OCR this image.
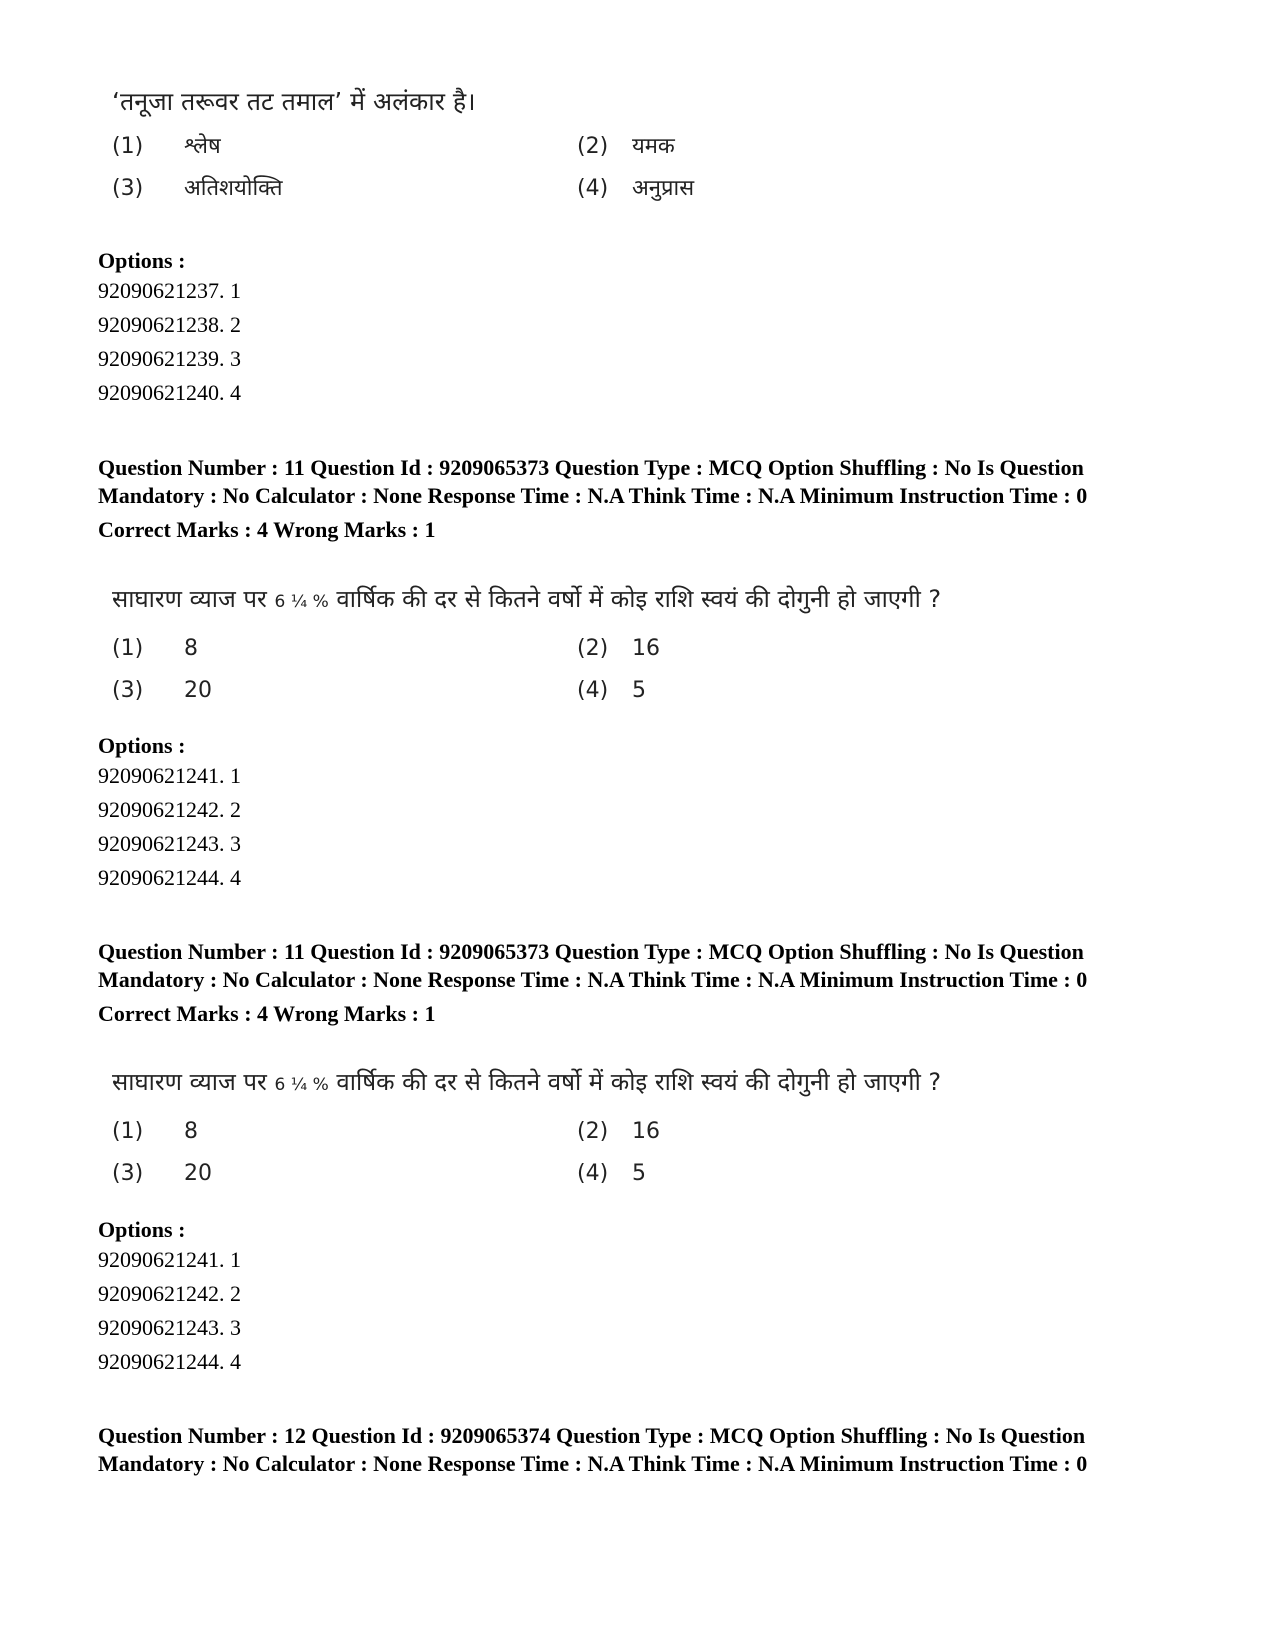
‘तनूजा तरूवर तट तमाल’ में अलंकार है।
(1) श्लेष	(2) यमक
(3) अतिशयोक्ति	(4) अनुप्रास
Options :
92090621237. 1
92090621238. 2
92090621239. 3
92090621240. 4
Question Number : 11 Question Id : 9209065373 Question Type : MCQ Option Shuffling : No Is Question Mandatory : No Calculator : None Response Time : N.A Think Time : N.A Minimum Instruction Time : 0
Correct Marks : 4 Wrong Marks : 1
साघारण व्याज पर 6 ¼ % वार्षिक की दर से कितने वर्षो में कोइ राशि स्वयं की दोगुनी हो जाएगी ?
(1) 8	(2) 16
(3) 20	(4) 5
Options :
92090621241. 1
92090621242. 2
92090621243. 3
92090621244. 4
Question Number : 11 Question Id : 9209065373 Question Type : MCQ Option Shuffling : No Is Question Mandatory : No Calculator : None Response Time : N.A Think Time : N.A Minimum Instruction Time : 0
Correct Marks : 4 Wrong Marks : 1
साघारण व्याज पर 6 ¼ % वार्षिक की दर से कितने वर्षो में कोइ राशि स्वयं की दोगुनी हो जाएगी ?
(1) 8	(2) 16
(3) 20	(4) 5
Options :
92090621241. 1
92090621242. 2
92090621243. 3
92090621244. 4
Question Number : 12 Question Id : 9209065374 Question Type : MCQ Option Shuffling : No Is Question Mandatory : No Calculator : None Response Time : N.A Think Time : N.A Minimum Instruction Time : 0
